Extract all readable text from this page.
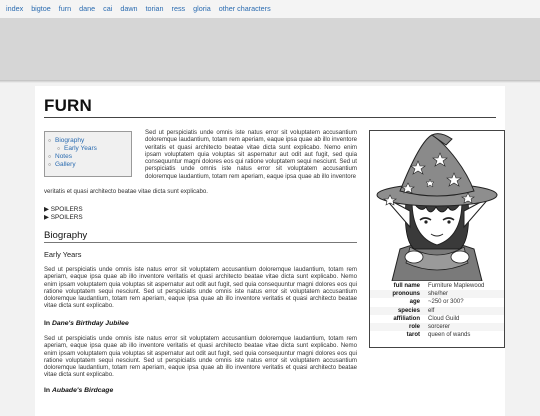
index bigtoe furn dane cai dawn torian ress gloria other characters
FURN
○ Biography
○ Early Years
○ Notes
○ Gallery

Sed ut perspiciatis unde omnis iste natus error sit voluptatem accusantium doloremque laudantium, totam rem aperiam, eaque ipsa quae ab illo inventore veritatis et quasi architecto beatae vitae dicta sunt explicabo. Nemo enim ipsam voluptatem quia voluptas sit aspernatur aut odit aut fugit, sed quia consequuntur magni dolores eos qui ratione voluptatem sequi nesciunt. Sed ut perspiciatis unde omnis iste natus error sit voluptatem accusantium doloremque laudantium, totam rem aperiam, eaque ipsa quae ab illo inventore

veritatis et quasi architecto beatae vitae dicta sunt explicabo.

▶ SPOILERS
▶ SPOILERS
Biography
Early Years

Sed ut perspiciatis unde omnis iste natus error sit voluptatem accusantium doloremque laudantium, totam rem aperiam, eaque ipsa quae ab illo inventore veritatis et quasi architecto beatae vitae dicta sunt explicabo. Nemo enim ipsam voluptatem quia voluptas sit aspernatur aut odit aut fugit, sed quia consequuntur magni dolores eos qui ratione voluptatem sequi nesciunt. Sed ut perspiciatis unde omnis iste natus error sit voluptatem accusantium doloremque laudantium, totam rem aperiam, eaque ipsa quae ab illo inventore veritatis et quasi architecto beatae vitae dicta sunt explicabo.

In Dane's Birthday Jubilee

Sed ut perspiciatis unde omnis iste natus error sit voluptatem accusantium doloremque laudantium, totam rem aperiam, eaque ipsa quae ab illo inventore veritatis et quasi architecto beatae vitae dicta sunt explicabo. Nemo enim ipsam voluptatem quia voluptas sit aspernatur aut odit aut fugit, sed quia consequuntur magni dolores eos qui ratione voluptatem sequi nesciunt. Sed ut perspiciatis unde omnis iste natus error sit voluptatem accusantium doloremque laudantium, totam rem aperiam, eaque ipsa quae ab illo inventore veritatis et quasi architecto beatae vitae dicta sunt explicabo.

In Aubade's Birdcage
full name	Furniture Maplewood
pronouns	she/her
age	~250 or 300?
species	elf
affiliation	Cloud Guild
role	sorcerer
tarot	queen of wands
